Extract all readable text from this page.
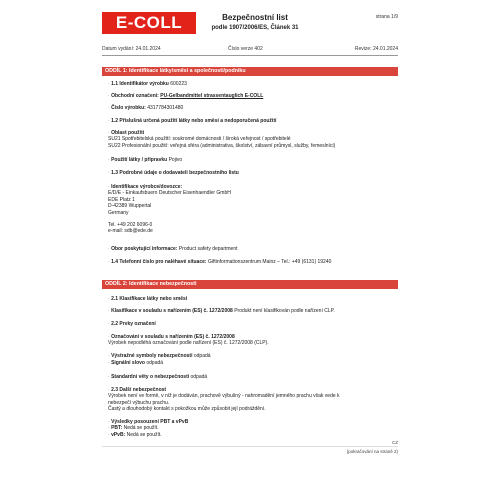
E-COLL	Bezpečnostní list
podle 1907/2006/ES, Článek 31
strana 1/9
Datum vydání: 24.01.2024	Číslo verze 402	Revize: 24.01.2024
ODDÍL 1: Identifikace látky/směsi a společnosti/podniku
· 1.1 Identifikátor výrobku 600223
· Obchodní označení: PU-Gelbandmittel strassentauglich E-COLL
· Číslo výrobku: 4317784301480
· 1.2 Příslušná určená použití látky nebo směsi a nedoporučená použití
· Oblast použití
SU21 Spotřebitelská použití: soukromé domácnosti / široká veřejnost / spotřebitelé
SU22 Profesionální použití: veřejná sféra (administrativa, školství, zábavní průmysl, služby, řemeslníci)
· Použití látky / přípravku Pojivo
· 1.3 Podrobné údaje o dodavateli bezpečnostního listu
· Identifikace výrobce/dovozce:
E/D/E - Einkaufsbuero Deutscher Eisenhaendler GmbH
EDE Platz 1
D-42389 Wuppertal
Germany
Tel. +49 202 6096-0
e-mail: sdb@ede.de
· Obor poskytující informace: Product safety department
· 1.4 Telefonní číslo pro naléhavé situace: Giftinformationszentrum Mainz – Tel.: +49 (6131) 19240
ODDÍL 2: Identifikace nebezpečnosti
· 2.1 Klasifikace látky nebo směsi
· Klasifikace v souladu s nařízením (ES) č. 1272/2008 Produkt není klasifikován podle nařízení CLP.
· 2.2 Prvky označení
· Označování v souladu s nařízením (ES) č. 1272/2008
Výrobek nepodléhá označování podle nařízení (ES) č. 1272/2008 (CLP).
· Výstražné symboly nebezpečnosti odpadá
· Signální slovo odpadá
· Standardní věty o nebezpečnosti odpadá
· 2.3 Další nebezpečnost
Výrobek není ve formě, v níž je dodáván, prachově výbušný - nahromadění jemného prachu však vede k
nebezpečí výbuchu prachu.
Častý a dlouhodobý kontakt s pokožkou může způsobit její podráždění.
· Výsledky posouzení PBT a vPvB
· PBT: Nedá se použít.
· vPvB: Nedá se použít.
CZ
(pokračování na straně 2)
